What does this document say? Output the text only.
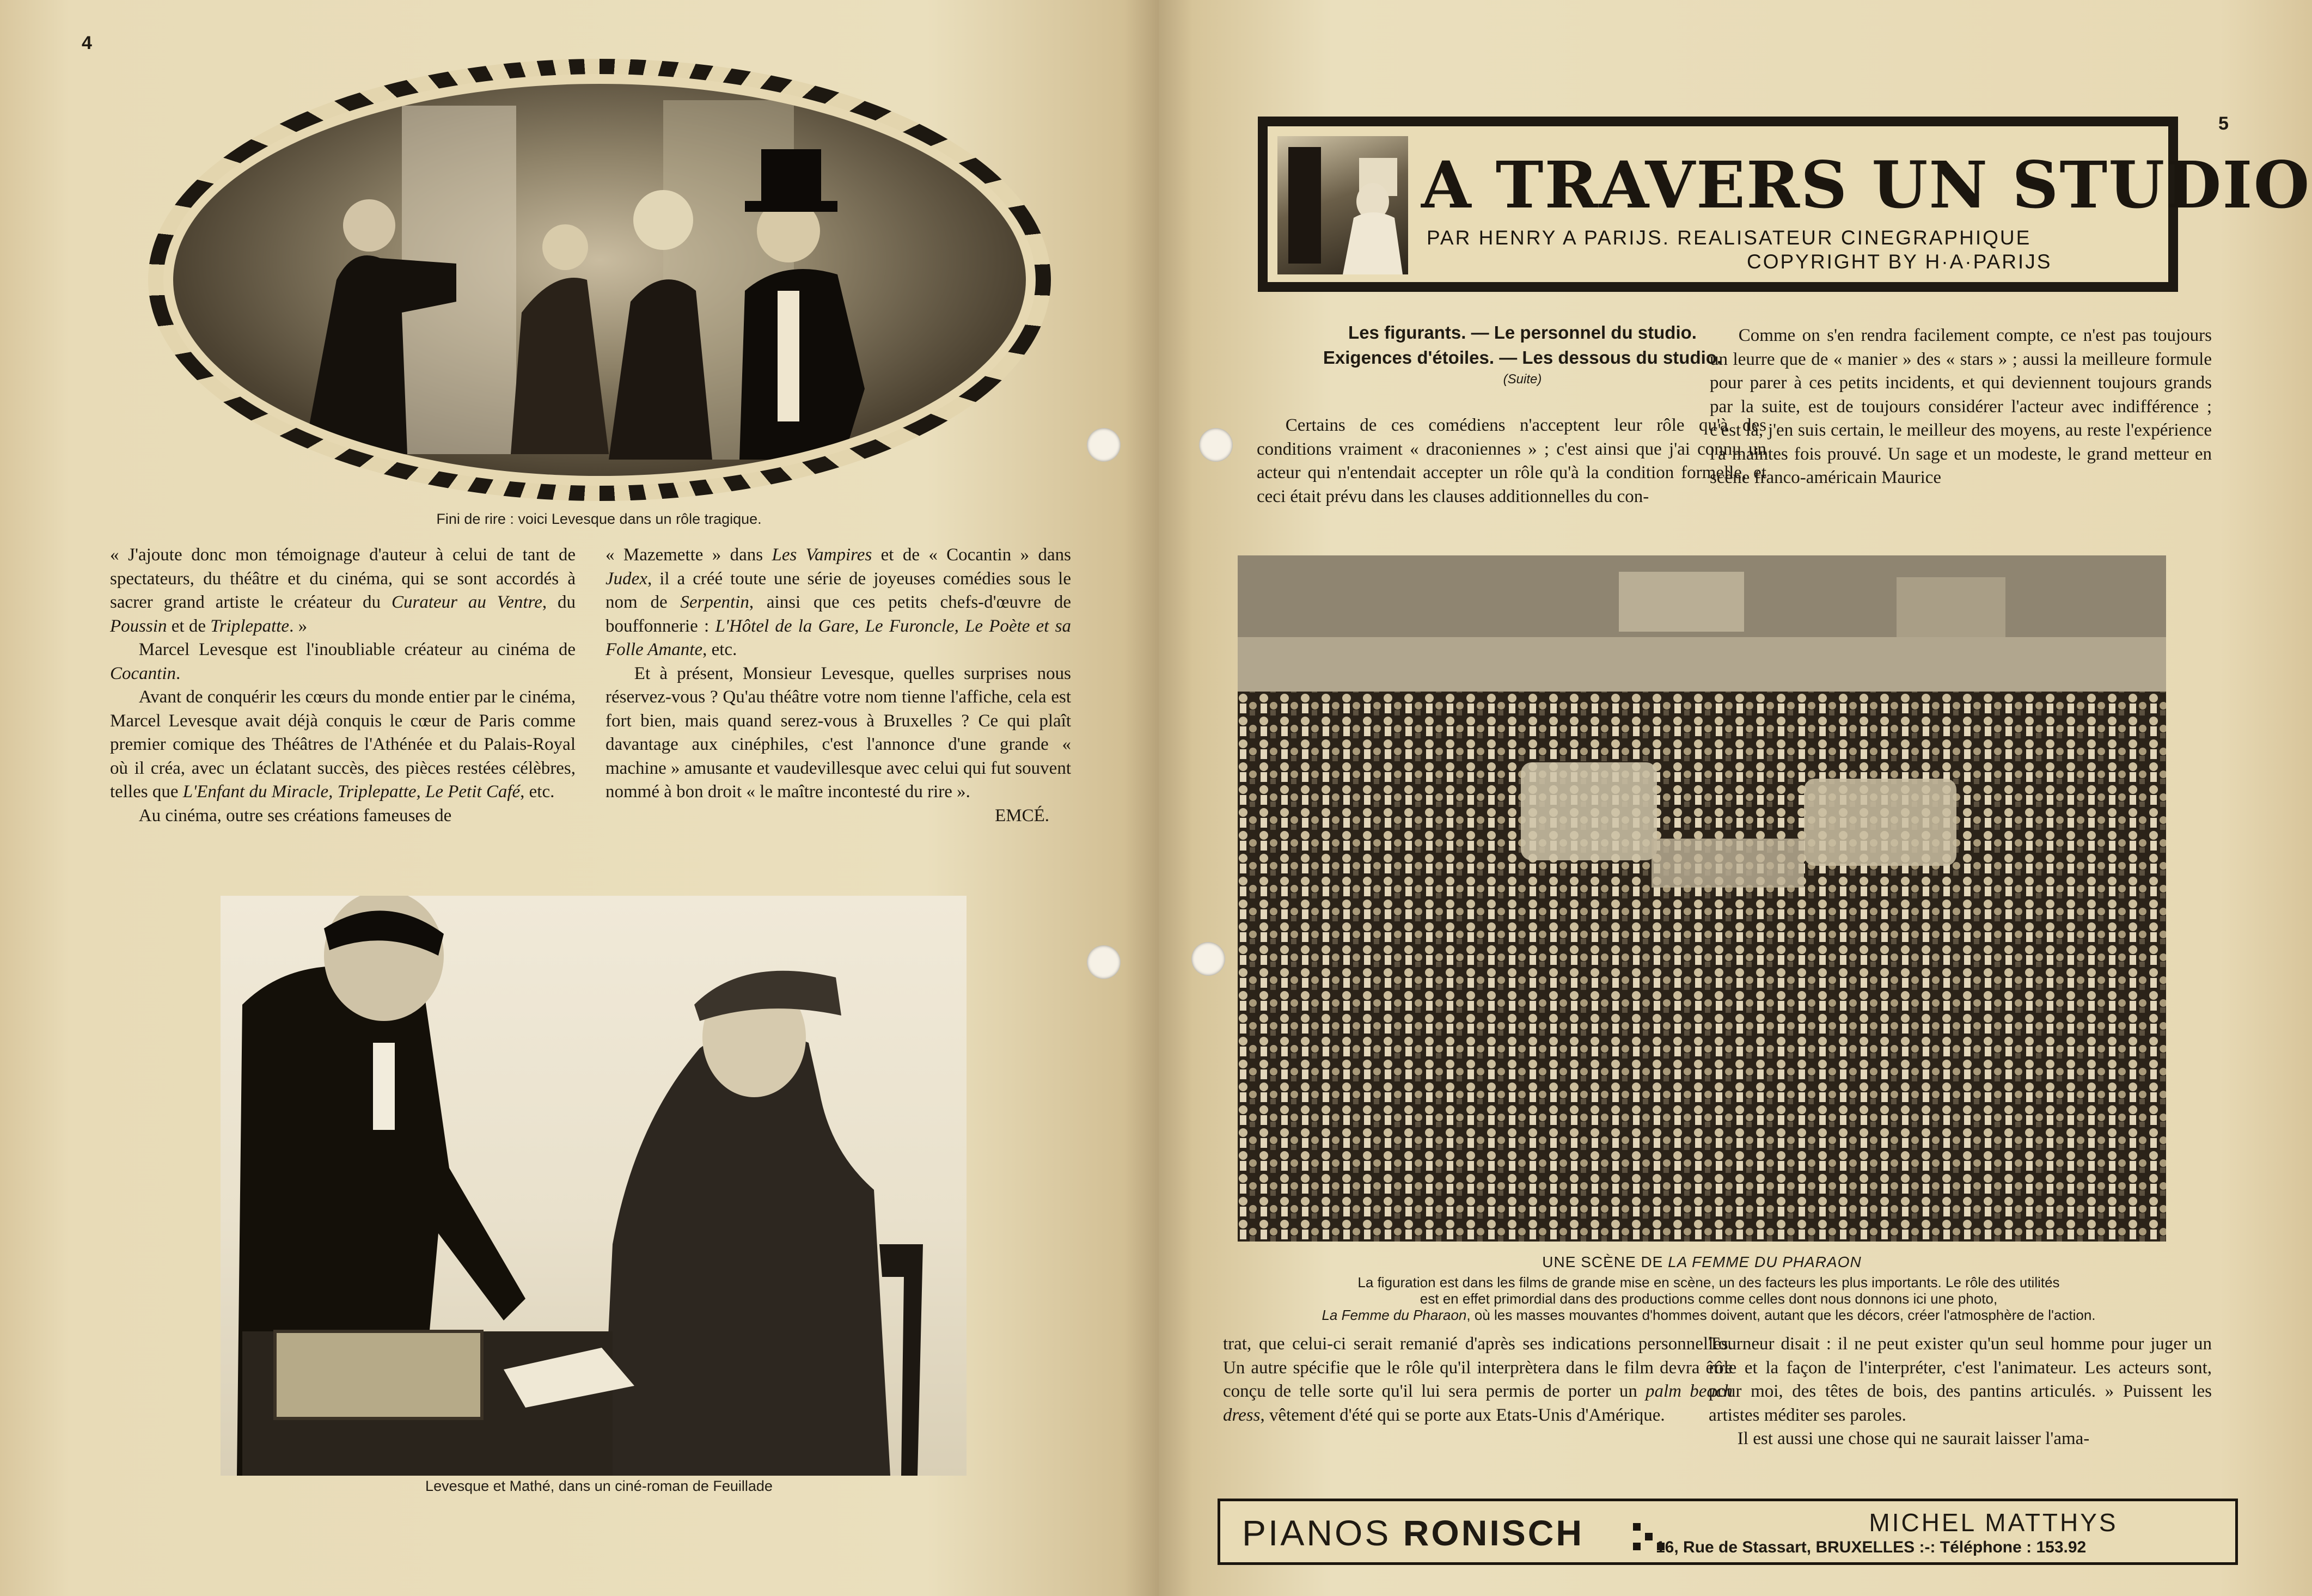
4
Fini de rire : voici Levesque dans un rôle tragique.

« J'ajoute donc mon témoignage d'auteur à celui de tant de spectateurs, du théâtre et du cinéma, qui se sont accordés à sacrer grand artiste le créateur du Curateur au Ventre, du Poussin et de Triplepatte. »

Marcel Levesque est l'inoubliable créateur au cinéma de Cocantin.

Avant de conquérir les cœurs du monde entier par le cinéma, Marcel Levesque avait déjà conquis le cœur de Paris comme premier comique des Théâtres de l'Athénée et du Palais-Royal où il créa, avec un éclatant succès, des pièces restées célèbres, telles que L'Enfant du Miracle, Triplepatte, Le Petit Café, etc.

Au cinéma, outre ses créations fameuses de

« Mazemette » dans Les Vampires et de « Cocantin » dans Judex, il a créé toute une série de joyeuses comédies sous le nom de Serpentin, ainsi que ces petits chefs-d'œuvre de bouffonnerie : L'Hôtel de la Gare, Le Furoncle, Le Poète et sa Folle Amante, etc.

Et à présent, Monsieur Levesque, quelles surprises nous réservez-vous ? Qu'au théâtre votre nom tienne l'affiche, cela est fort bien, mais quand serez-vous à Bruxelles ? Ce qui plaît davantage aux cinéphiles, c'est l'annonce d'une grande « machine » amusante et vaudevillesque avec celui qui fut souvent nommé à bon droit « le maître incontesté du rire ».

EMCÉ.

Levesque et Mathé, dans un ciné-roman de Feuillade
5
A TRAVERS UN STUDIO
PAR HENRY A PARIJS. REALISATEUR CINEGRAPHIQUE
COPYRIGHT BY H·A·PARIJS
Les figurants. — Le personnel du studio.
Exigences d'étoiles. — Les dessous du studio.
(Suite)

Certains de ces comédiens n'acceptent leur rôle qu'à des conditions vraiment « draconiennes » ; c'est ainsi que j'ai connu un acteur qui n'entendait accepter un rôle qu'à la condition formelle, et ceci était prévu dans les clauses additionnelles du con-

Comme on s'en rendra facilement compte, ce n'est pas toujours un leurre que de « manier » des « stars » ; aussi la meilleure formule pour parer à ces petits incidents, et qui deviennent toujours grands par la suite, est de toujours considérer l'acteur avec indifférence ; c'est là, j'en suis certain, le meilleur des moyens, au reste l'expérience l'a maintes fois prouvé. Un sage et un modeste, le grand metteur en scène franco-américain Maurice

UNE SCÈNE DE LA FEMME DU PHARAON
La figuration est dans les films de grande mise en scène, un des facteurs les plus importants. Le rôle des utilités
est en effet primordial dans des productions comme celles dont nous donnons ici une photo,
La Femme du Pharaon, où les masses mouvantes d'hommes doivent, autant que les décors, créer l'atmosphère de l'action.

trat, que celui-ci serait remanié d'après ses indications personnelles. Un autre spécifie que le rôle qu'il interprètera dans le film devra être conçu de telle sorte qu'il lui sera permis de porter un palm beach dress, vêtement d'été qui se porte aux Etats-Unis d'Amérique.

Tourneur disait : il ne peut exister qu'un seul homme pour juger un rôle et la façon de l'interpréter, c'est l'animateur. Les acteurs sont, pour moi, des têtes de bois, des pantins articulés. » Puissent les artistes méditer ses paroles.

Il est aussi une chose qui ne saurait laisser l'ama-

PIANOS RONISCH	MICHEL MATTHYS
16, Rue de Stassart, BRUXELLES :-: Téléphone : 153.92
